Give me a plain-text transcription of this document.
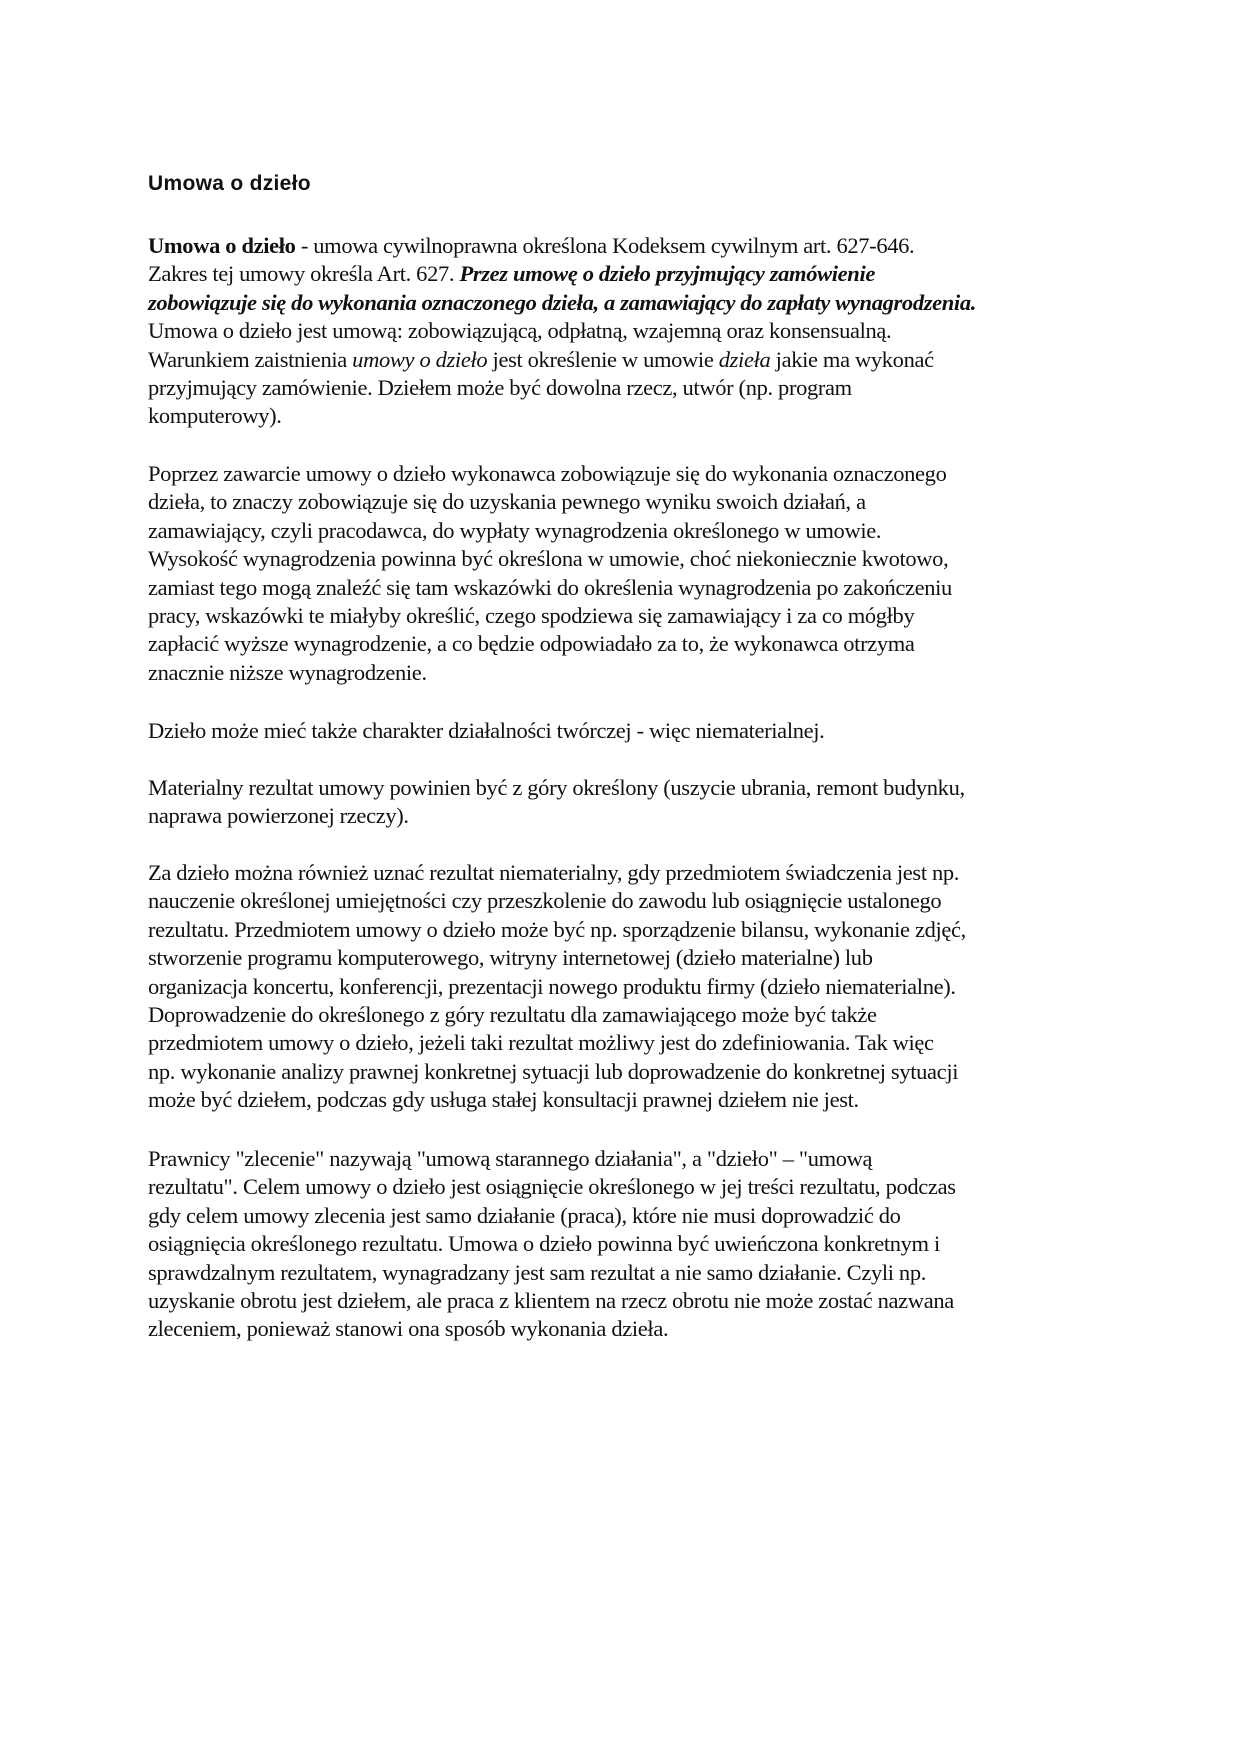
Umowa o dzieło
Umowa o dzieło - umowa cywilnoprawna określona Kodeksem cywilnym art. 627-646.
Zakres tej umowy określa Art. 627. Przez umowę o dzieło przyjmujący zamówienie
zobowiązuje się do wykonania oznaczonego dzieła, a zamawiający do zapłaty wynagrodzenia.
Umowa o dzieło jest umową: zobowiązującą, odpłatną, wzajemną oraz konsensualną.
Warunkiem zaistnienia umowy o dzieło jest określenie w umowie dzieła jakie ma wykonać
przyjmujący zamówienie. Dziełem może być dowolna rzecz, utwór (np. program
komputerowy).
Poprzez zawarcie umowy o dzieło wykonawca zobowiązuje się do wykonania oznaczonego
dzieła, to znaczy zobowiązuje się do uzyskania pewnego wyniku swoich działań, a
zamawiający, czyli pracodawca, do wypłaty wynagrodzenia określonego w umowie.
Wysokość wynagrodzenia powinna być określona w umowie, choć niekoniecznie kwotowo,
zamiast tego mogą znaleźć się tam wskazówki do określenia wynagrodzenia po zakończeniu
pracy, wskazówki te miałyby określić, czego spodziewa się zamawiający i za co mógłby
zapłacić wyższe wynagrodzenie, a co będzie odpowiadało za to, że wykonawca otrzyma
znacznie niższe wynagrodzenie.
Dzieło może mieć także charakter działalności twórczej - więc niematerialnej.
Materialny rezultat umowy powinien być z góry określony (uszycie ubrania, remont budynku,
naprawa powierzonej rzeczy).
Za dzieło można również uznać rezultat niematerialny, gdy przedmiotem świadczenia jest np.
nauczenie określonej umiejętności czy przeszkolenie do zawodu lub osiągnięcie ustalonego
rezultatu. Przedmiotem umowy o dzieło może być np. sporządzenie bilansu, wykonanie zdjęć,
stworzenie programu komputerowego, witryny internetowej (dzieło materialne) lub
organizacja koncertu, konferencji, prezentacji nowego produktu firmy (dzieło niematerialne).
Doprowadzenie do określonego z góry rezultatu dla zamawiającego może być także
przedmiotem umowy o dzieło, jeżeli taki rezultat możliwy jest do zdefiniowania. Tak więc
np. wykonanie analizy prawnej konkretnej sytuacji lub doprowadzenie do konkretnej sytuacji
może być dziełem, podczas gdy usługa stałej konsultacji prawnej dziełem nie jest.
Prawnicy "zlecenie" nazywają "umową starannego działania", a "dzieło" – "umową
rezultatu". Celem umowy o dzieło jest osiągnięcie określonego w jej treści rezultatu, podczas
gdy celem umowy zlecenia jest samo działanie (praca), które nie musi doprowadzić do
osiągnięcia określonego rezultatu. Umowa o dzieło powinna być uwieńczona konkretnym i
sprawdzalnym rezultatem, wynagradzany jest sam rezultat a nie samo działanie. Czyli np.
uzyskanie obrotu jest dziełem, ale praca z klientem na rzecz obrotu nie może zostać nazwana
zleceniem, ponieważ stanowi ona sposób wykonania dzieła.
